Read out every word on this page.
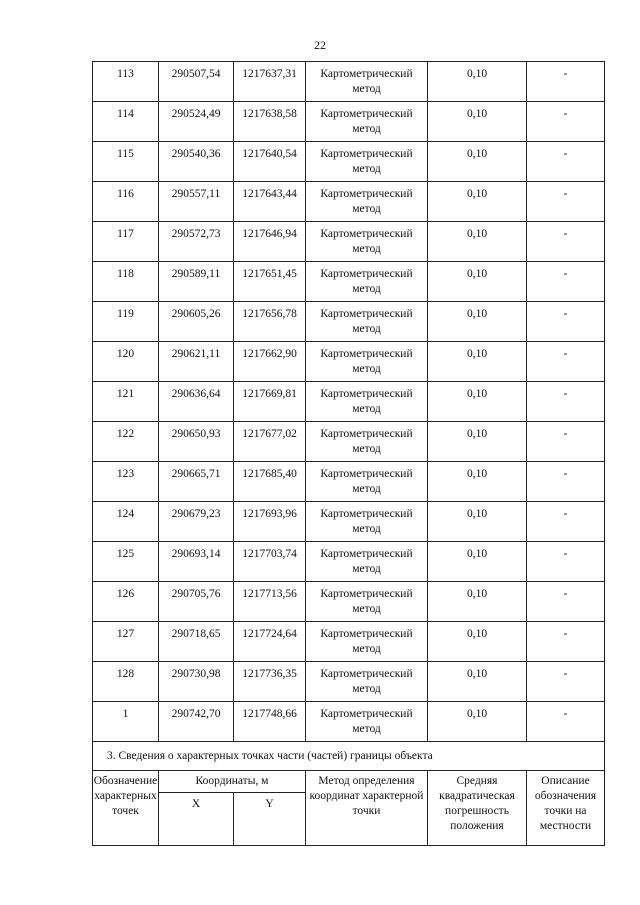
22
113	290507,54	1217637,31	Картометрический метод	0,10	-
114	290524,49	1217638,58	Картометрический метод	0,10	-
115	290540,36	1217640,54	Картометрический метод	0,10	-
116	290557,11	1217643,44	Картометрический метод	0,10	-
117	290572,73	1217646,94	Картометрический метод	0,10	-
118	290589,11	1217651,45	Картометрический метод	0,10	-
119	290605,26	1217656,78	Картометрический метод	0,10	-
120	290621,11	1217662,90	Картометрический метод	0,10	-
121	290636,64	1217669,81	Картометрический метод	0,10	-
122	290650,93	1217677,02	Картометрический метод	0,10	-
123	290665,71	1217685,40	Картометрический метод	0,10	-
124	290679,23	1217693,96	Картометрический метод	0,10	-
125	290693,14	1217703,74	Картометрический метод	0,10	-
126	290705,76	1217713,56	Картометрический метод	0,10	-
127	290718,65	1217724,64	Картометрический метод	0,10	-
128	290730,98	1217736,35	Картометрический метод	0,10	-
1	290742,70	1217748,66	Картометрический метод	0,10	-
3. Сведения о характерных точках части (частей) границы объекта					
Обозначение характерных точек	Координаты, м		Метод определения координат характерной точки	Средняя квадратическая погрешность положения	Описание обозначения точки на местности
	X	Y			
